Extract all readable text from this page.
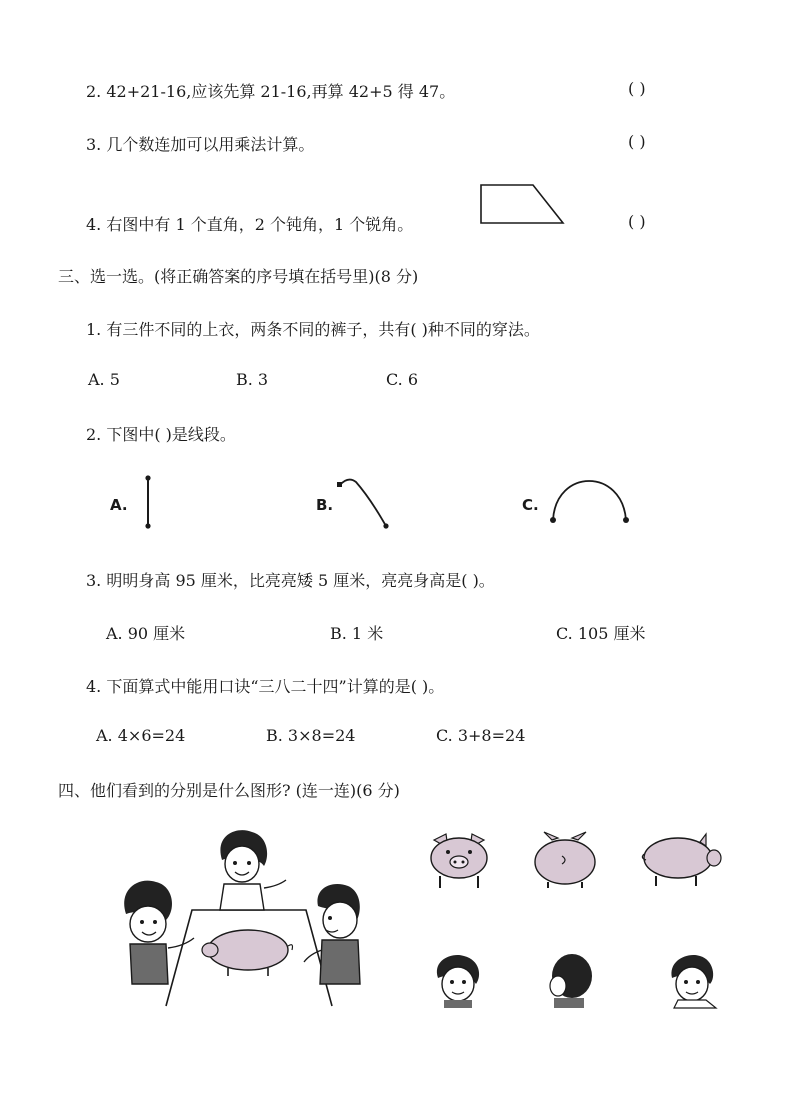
2. 42+21-16,应该先算 21-16,再算 42+5 得 47。	( )
3. 几个数连加可以用乘法计算。	( )
4. 右图中有 1 个直角，2 个钝角，1 个锐角。	( )
三、选一选。(将正确答案的序号填在括号里)(8 分)
1. 有三件不同的上衣，两条不同的裤子，共有( )种不同的穿法。
A. 5	B. 3	C. 6
2. 下图中( )是线段。
A.	B.	C.
3. 明明身高 95 厘米，比亮亮矮 5 厘米，亮亮身高是( )。
A. 90 厘米	B. 1 米	C. 105 厘米
4. 下面算式中能用口诀“三八二十四”计算的是( )。
A. 4×6=24	B. 3×8=24	C. 3+8=24
四、他们看到的分别是什么图形? (连一连)(6 分)
